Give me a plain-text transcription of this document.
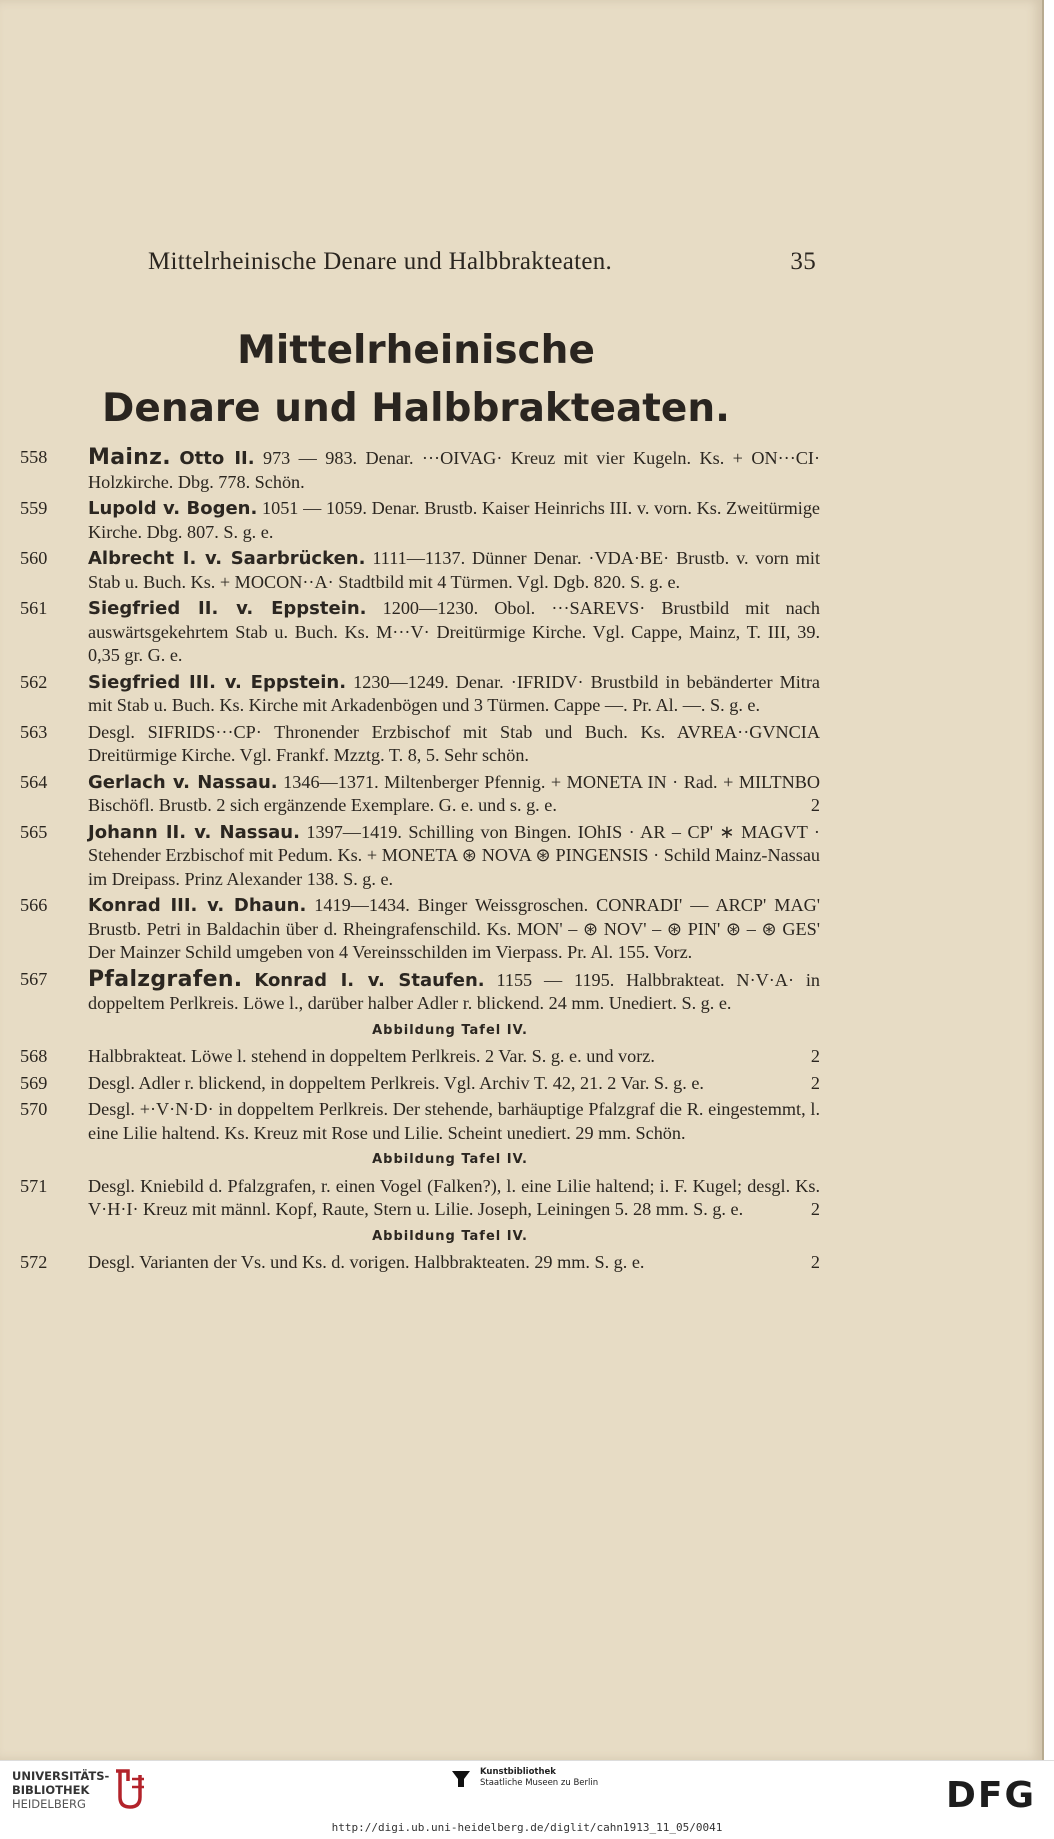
Mittelrheinische Denare und Halbbrakteaten.	35
Mittelrheinische
Denare und Halbbrakteaten.
558	Mainz. Otto II. 973 — 983. Denar. ···OIVAG· Kreuz mit vier Kugeln. Ks. + ON···CI· Holzkirche. Dbg. 778. Schön.
559	Lupold v. Bogen. 1051 — 1059. Denar. Brustb. Kaiser Heinrichs III. v. vorn. Ks. Zweitürmige Kirche. Dbg. 807. S. g. e.
560	Albrecht I. v. Saarbrücken. 1111—1137. Dünner Denar. ·VDA·BE· Brustb. v. vorn mit Stab u. Buch. Ks. + MOCON··A· Stadtbild mit 4 Türmen. Vgl. Dgb. 820. S. g. e.
561	Siegfried II. v. Eppstein. 1200—1230. Obol. ···SAREVS· Brustbild mit nach auswärtsgekehrtem Stab u. Buch. Ks. M···V· Dreitürmige Kirche. Vgl. Cappe, Mainz, T. III, 39. 0,35 gr. G. e.
562	Siegfried III. v. Eppstein. 1230—1249. Denar. ·IFRIDV· Brustbild in bebänderter Mitra mit Stab u. Buch. Ks. Kirche mit Arkadenbögen und 3 Türmen. Cappe —. Pr. Al. —. S. g. e.
563	Desgl. SIFRIDS···CP· Thronender Erzbischof mit Stab und Buch. Ks. AVREA··GVNCIA Dreitürmige Kirche. Vgl. Frankf. Mzztg. T. 8, 5. Sehr schön.
564	Gerlach v. Nassau. 1346—1371. Miltenberger Pfennig. + MONETA IN · Rad. + MILTNBO Bischöfl. Brustb. 2 sich ergänzende Exemplare. G. e. und s. g. e.	2
565	Johann II. v. Nassau. 1397—1419. Schilling von Bingen. IOhIS · AR – CP' ∗ MAGVT · Stehender Erzbischof mit Pedum. Ks. + MONETA ⊛ NOVA ⊛ PINGENSIS · Schild Mainz-Nassau im Dreipass. Prinz Alexander 138. S. g. e.
566	Konrad III. v. Dhaun. 1419—1434. Binger Weissgroschen. CONRADI' — ARCP' MAG' Brustb. Petri in Baldachin über d. Rheingrafenschild. Ks. MON' – ⊛ NOV' – ⊛ PIN' ⊛ – ⊛ GES' Der Mainzer Schild umgeben von 4 Vereinsschilden im Vierpass. Pr. Al. 155. Vorz.
567	Pfalzgrafen. Konrad I. v. Staufen. 1155 — 1195. Halbbrakteat. N·V·A· in doppeltem Perlkreis. Löwe l., darüber halber Adler r. blickend. 24 mm. Unediert. S. g. e.
Abbildung Tafel IV.
568	Halbbrakteat. Löwe l. stehend in doppeltem Perlkreis. 2 Var. S. g. e. und vorz.	2
569	Desgl. Adler r. blickend, in doppeltem Perlkreis. Vgl. Archiv T. 42, 21. 2 Var. S. g. e.	2
570	Desgl. +·V·N·D· in doppeltem Perlkreis. Der stehende, barhäuptige Pfalzgraf die R. eingestemmt, l. eine Lilie haltend. Ks. Kreuz mit Rose und Lilie. Scheint unediert. 29 mm. Schön.
Abbildung Tafel IV.
571	Desgl. Kniebild d. Pfalzgrafen, r. einen Vogel (Falken?), l. eine Lilie haltend; i. F. Kugel; desgl. Ks. V·H·I· Kreuz mit männl. Kopf, Raute, Stern u. Lilie. Joseph, Leiningen 5. 28 mm. S. g. e.	2
Abbildung Tafel IV.
572	Desgl. Varianten der Vs. und Ks. d. vorigen. Halbbrakteaten. 29 mm. S. g. e.	2
UNIVERSITÄTS-
BIBLIOTHEK
HEIDELBERG
Kunstbibliothek
Staatliche Museen zu Berlin	DFG
http://digi.ub.uni-heidelberg.de/diglit/cahn1913_11_05/0041
